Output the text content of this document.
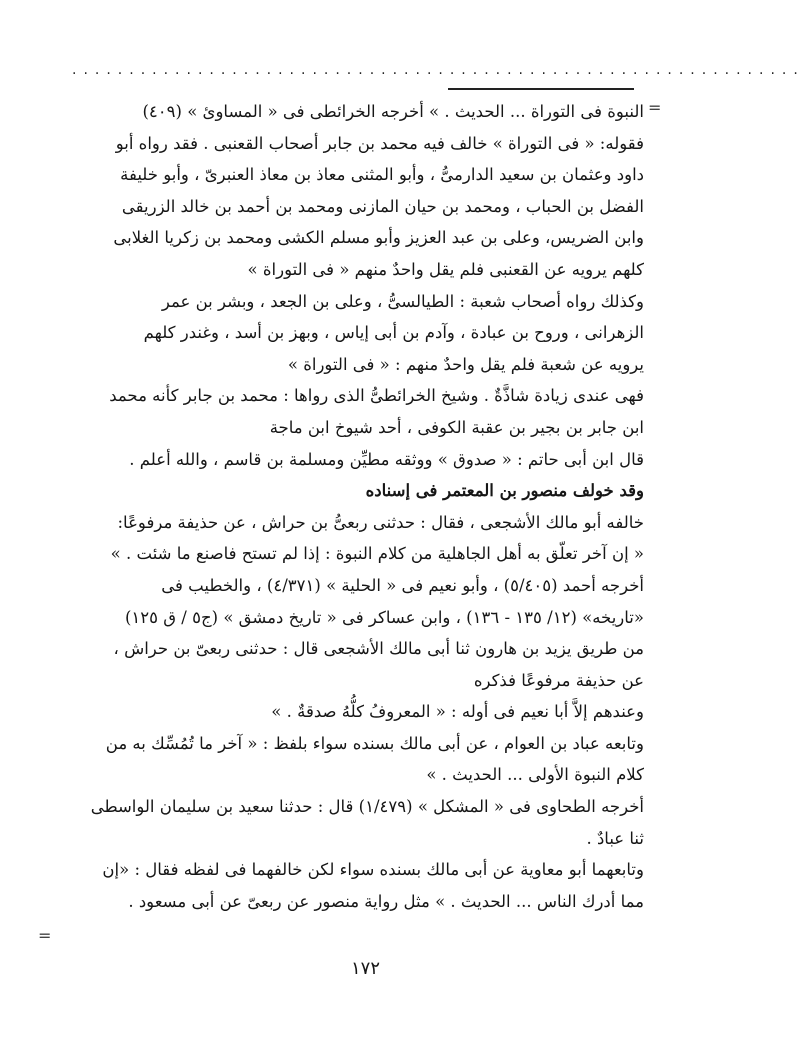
................................................................
=
=
النبوة فى التوراة ... الحديث . » أخرجه الخرائطى فى « المساوئ » (٤٠٩)
فقوله: « فى التوراة » خالف فيه محمد بن جابر أصحاب القعنبى . فقد رواه أبو
داود وعثمان بن سعيد الدارمىُّ ، وأبو المثنى معاذ بن معاذ العنبرىّ ، وأبو خليفة
الفضل بن الحباب ، ومحمد بن حيان المازنى ومحمد بن أحمد بن خالد الزريقى
وابن الضريس، وعلى بن عبد العزيز وأبو مسلم الكشى ومحمد بن زكريا الغلابى
كلهم يرويه عن القعنبى فلم يقل واحدٌ منهم « فى التوراة »
وكذلك رواه أصحاب شعبة : الطيالسىُّ ، وعلى بن الجعد ، وبشر بن عمر
الزهرانى ، وروح بن عبادة ، وآدم بن أبى إياس ، وبهز بن أسد ، وغندر كلهم
يرويه عن شعبة فلم يقل واحدٌ منهم : « فى التوراة »
فهى عندى زيادة شاذَّةٌ . وشيخ الخرائطىُّ الذى رواها : محمد بن جابر كأنه محمد
ابن جابر بن بجير بن عقبة الكوفى ، أحد شيوخ ابن ماجة
قال ابن أبى حاتم : « صدوق » ووثقه مطيِّن ومسلمة بن قاسم ، والله أعلم .
وقد خولف منصور بن المعتمر فى إسناده
خالفه أبو مالك الأشجعى ، فقال : حدثنى ربعىُّ بن حراش ، عن حذيفة مرفوعًا:
« إن آخر تعلّق به أهل الجاهلية من كلام النبوة : إذا لم تستح فاصنع ما شئت . »
أخرجه أحمد (٥/٤٠٥) ، وأبو نعيم فى « الحلية » (٤/٣٧١) ، والخطيب فى
«تاريخه» (١٢/ ١٣٥ - ١٣٦) ، وابن عساكر فى « تاريخ دمشق » (ج٥ / ق ١٢٥)
من طريق يزيد بن هارون ثنا أبى مالك الأشجعى قال : حدثنى ربعىّ بن حراش ،
عن حذيفة مرفوعًا فذكره
وعندهم إلاَّ أبا نعيم فى أوله : « المعروفُ كلُّهُ صدقةٌ . »
وتابعه عباد بن العوام ، عن أبى مالك بسنده سواء بلفظ : « آخر ما تُمُسِّك به من
كلام النبوة الأولى ... الحديث . »
أخرجه الطحاوى فى « المشكل » (١/٤٧٩) قال : حدثنا سعيد بن سليمان الواسطى
ثنا عبادٌ .
وتابعهما أبو معاوية عن أبى مالك بسنده سواء لكن خالفهما فى لفظه فقال : «إن
مما أدرك الناس ... الحديث . » مثل رواية منصور عن ربعىّ عن أبى مسعود .
١٧٢
